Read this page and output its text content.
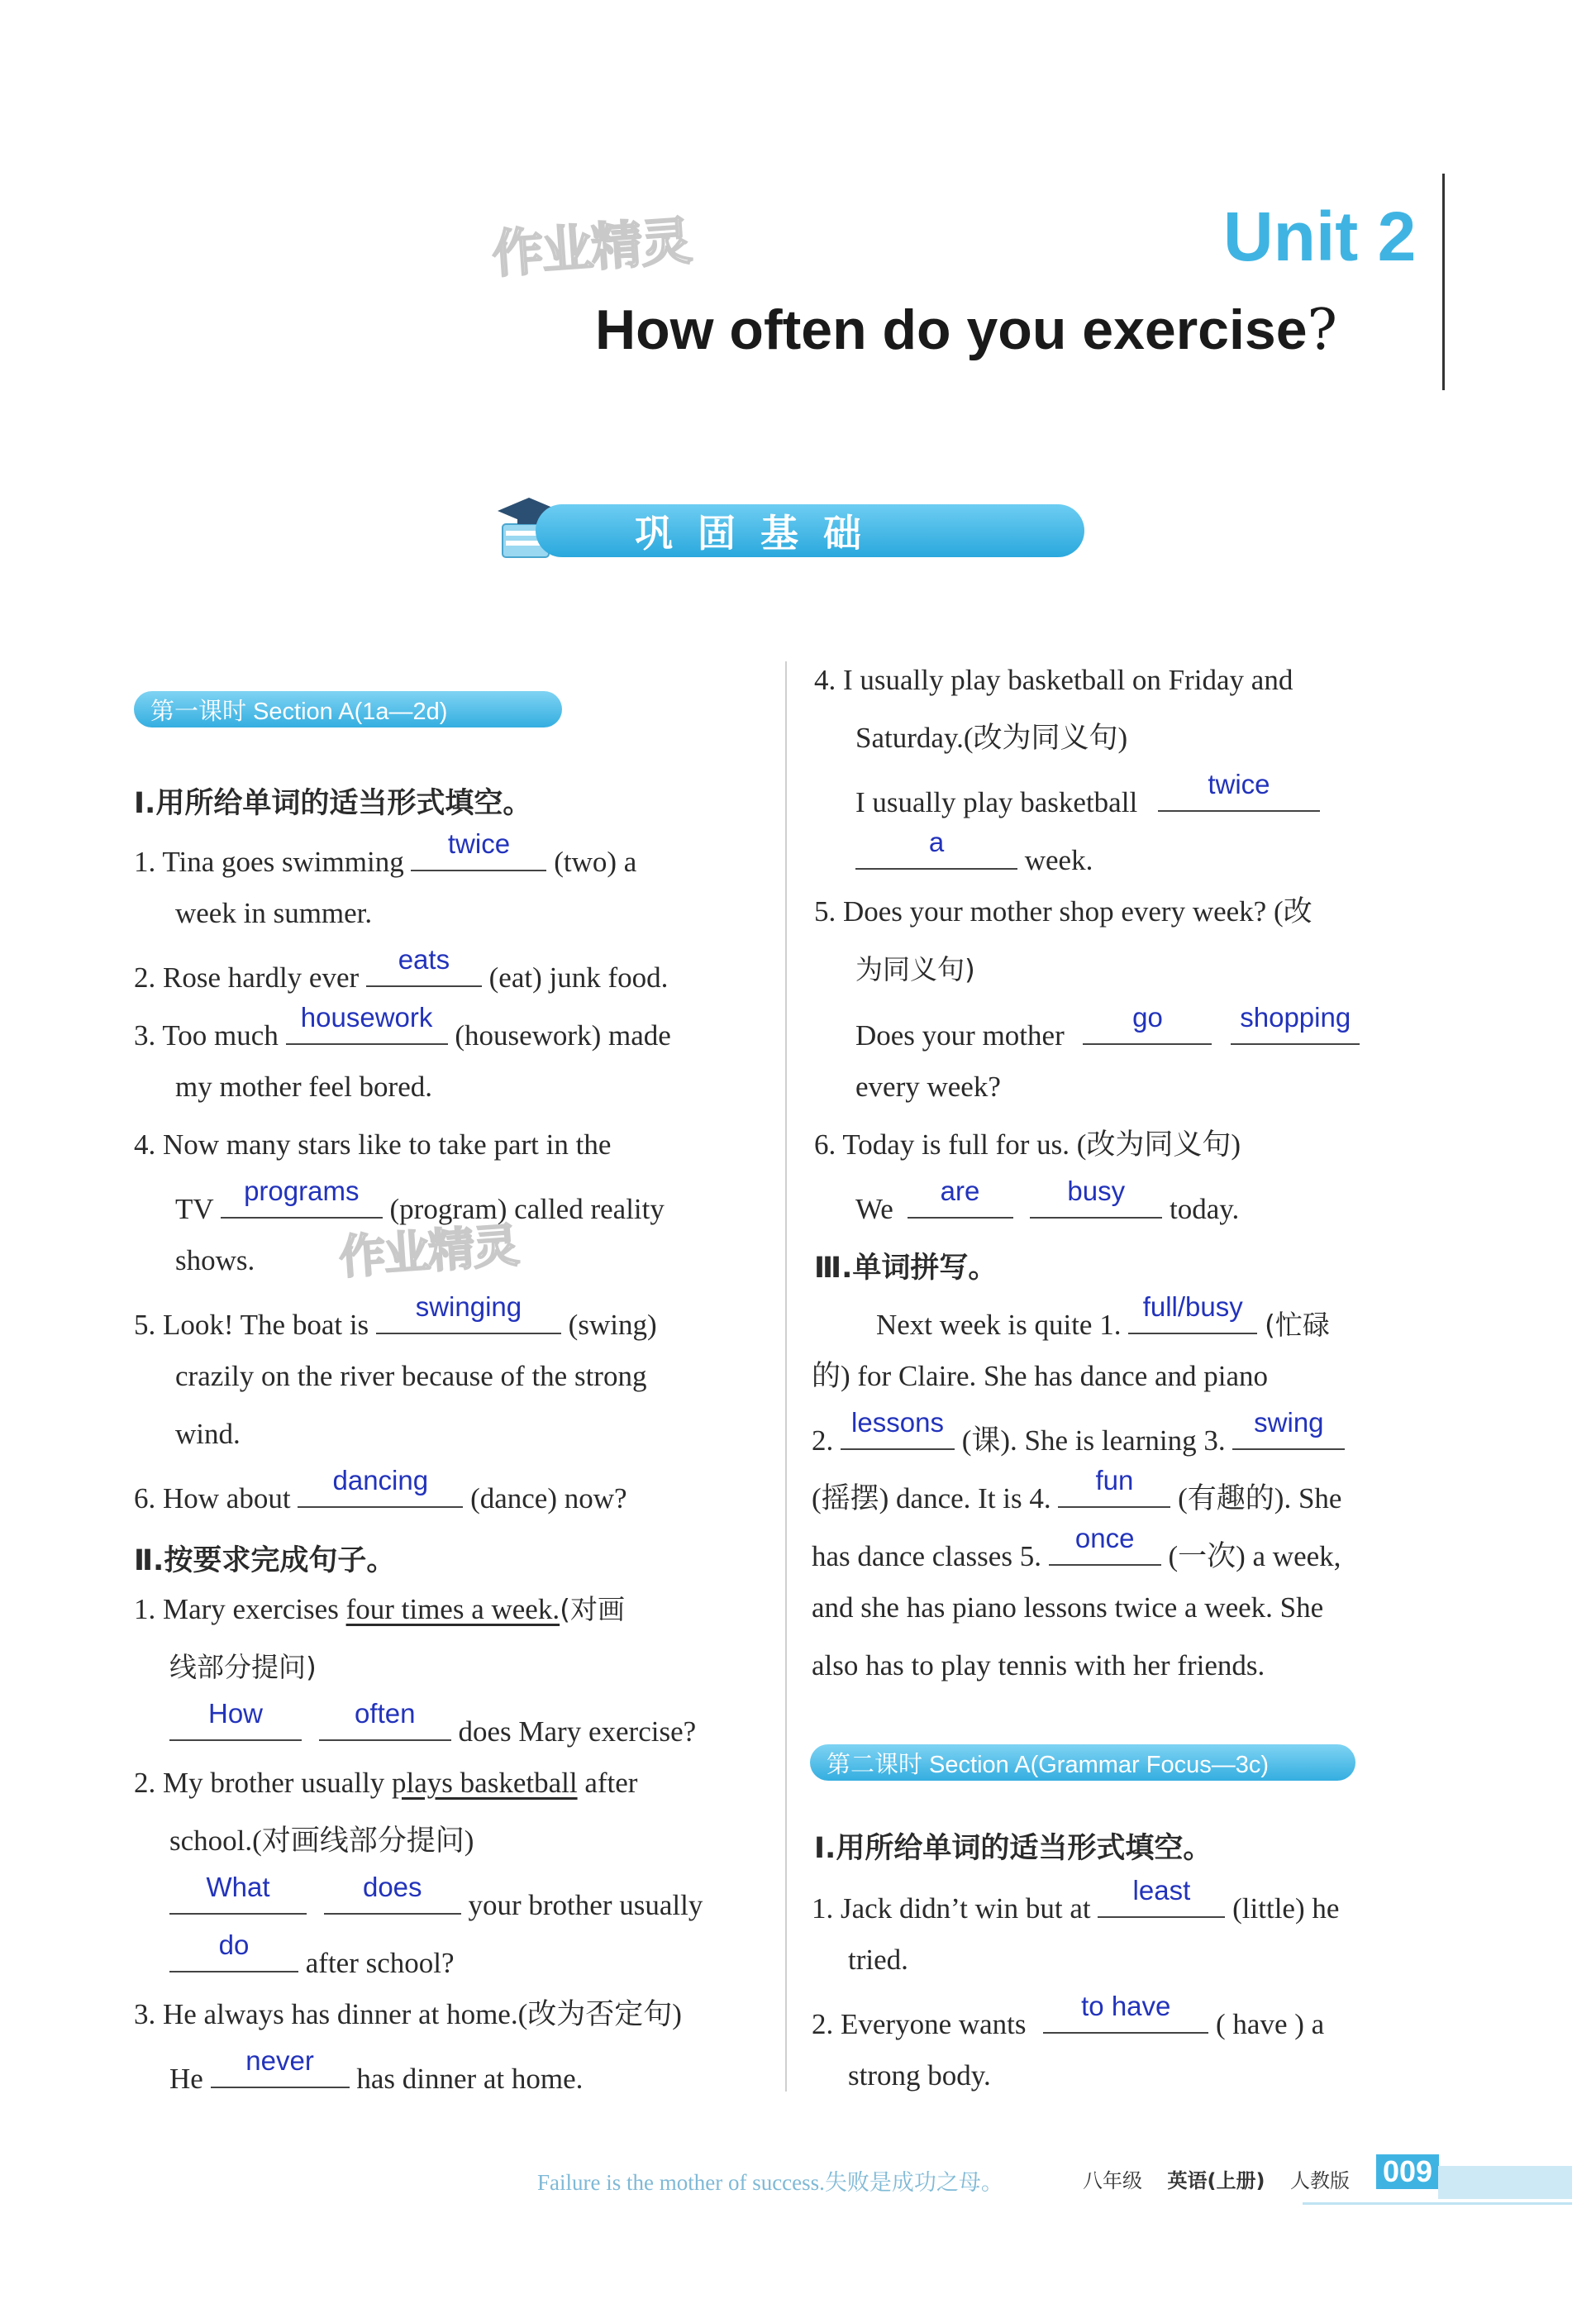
作业精灵	Unit 2
How often do you exercise?
巩固基础
第一课时 Section A(1a—2d)
Ⅰ.用所给单词的适当形式填空。
1. Tina goes swimming
twice
(two) a
week in summer.
2. Rose hardly ever
eats
(eat) junk food.
3. Too much
housework
(housework) made
my mother feel bored.
4. Now many stars like to take part in the
TV
programs
(program) called reality
shows. 作业精灵
5. Look! The boat is
swinging
(swing)
crazily on the river because of the strong
wind.
6. How about
dancing
(dance) now?
Ⅱ.按要求完成句子。
1. Mary exercises four times a week.(对画
线部分提问)
How
	often
does Mary exercise?
2. My brother usually plays basketball after
school.(对画线部分提问)
What
	does
your brother usually
do
after school?
3. He always has dinner at home.(改为否定句)
He
never
has dinner at home.
4. I usually play basketball on Friday and
Saturday.(改为同义句)
I usually play basketball
twice
a
week.
5. Does your mother shop every week? (改
为同义句)
Does your mother
go
	shopping
every week?
6. Today is full for us. (改为同义句)
We
are
	busy
today.
Ⅲ.单词拼写。
Next week is quite 1.
full/busy
(忙碌
的) for Claire. She has dance and piano
2.
lessons
(课). She is learning 3.
swing
(摇摆) dance. It is 4.
fun
(有趣的). She
has dance classes 5.
once
(一次) a week,
and she has piano lessons twice a week. She
also has to play tennis with her friends.
第二课时 Section A(Grammar Focus—3c)
Ⅰ.用所给单词的适当形式填空。
1. Jack didn’t win but at
least
(little) he
tried.
2. Everyone wants
to have
( have ) a
strong body.
Failure is the mother of success.失败是成功之母。	八年级 英语(上册) 人教版 009
